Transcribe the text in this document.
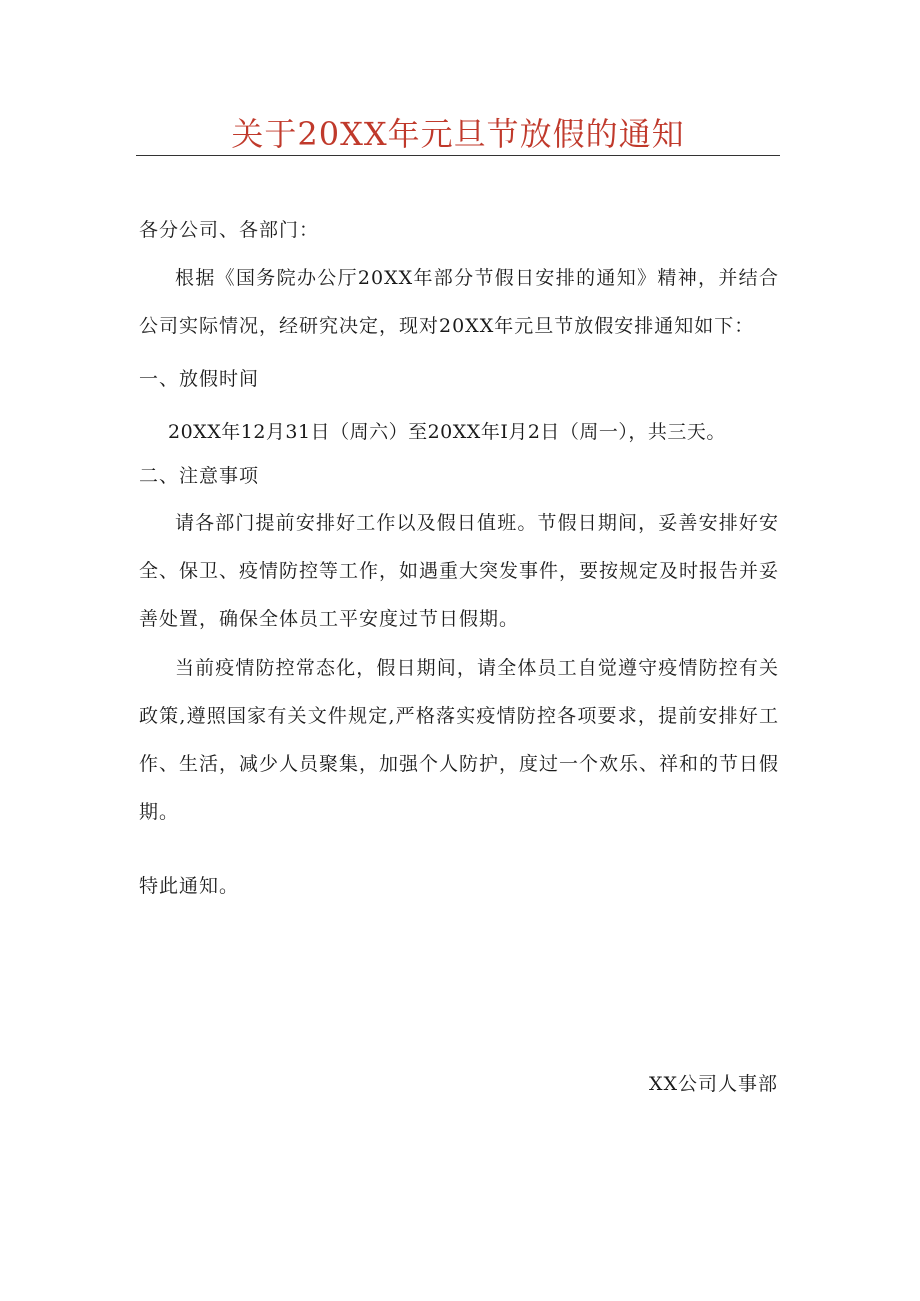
关于20XX年元旦节放假的通知
各分公司、各部门：
根据《国务院办公厅20XX年部分节假日安排的通知》精神，并结合公司实际情况，经研究决定，现对20XX年元旦节放假安排通知如下：
一、放假时间
20XX年12月31日（周六）至20XX年I月2日（周一），共三天。
二、注意事项
请各部门提前安排好工作以及假日值班。节假日期间，妥善安排好安全、保卫、疫情防控等工作，如遇重大突发事件，要按规定及时报告并妥善处置，确保全体员工平安度过节日假期。
当前疫情防控常态化，假日期间，请全体员工自觉遵守疫情防控有关政策,遵照国家有关文件规定,严格落实疫情防控各项要求，提前安排好工作、生活，减少人员聚集，加强个人防护，度过一个欢乐、祥和的节日假期。
特此通知。
XX公司人事部
